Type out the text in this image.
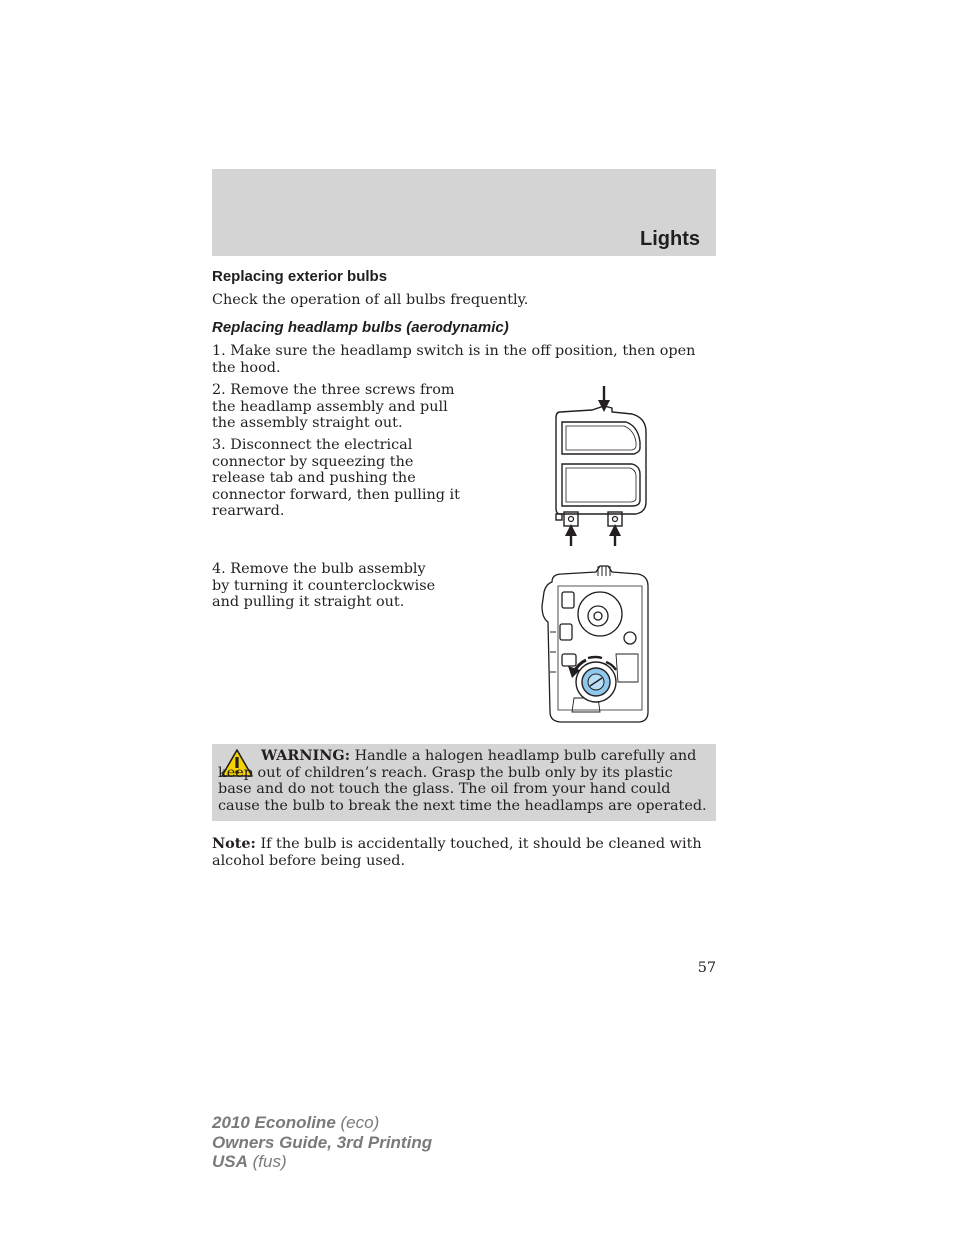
Lights
Replacing exterior bulbs
Check the operation of all bulbs frequently.
Replacing headlamp bulbs (aerodynamic)
1. Make sure the headlamp switch is in the off position, then open the hood.
2. Remove the three screws from the headlamp assembly and pull the assembly straight out.
3. Disconnect the electrical connector by squeezing the release tab and pushing the connector forward, then pulling it rearward.
4. Remove the bulb assembly by turning it counterclockwise and pulling it straight out.
WARNING: Handle a halogen headlamp bulb carefully and keep out of children’s reach. Grasp the bulb only by its plastic base and do not touch the glass. The oil from your hand could cause the bulb to break the next time the headlamps are operated.
Note: If the bulb is accidentally touched, it should be cleaned with alcohol before being used.
57
2010 Econoline (eco)
Owners Guide, 3rd Printing
USA (fus)
